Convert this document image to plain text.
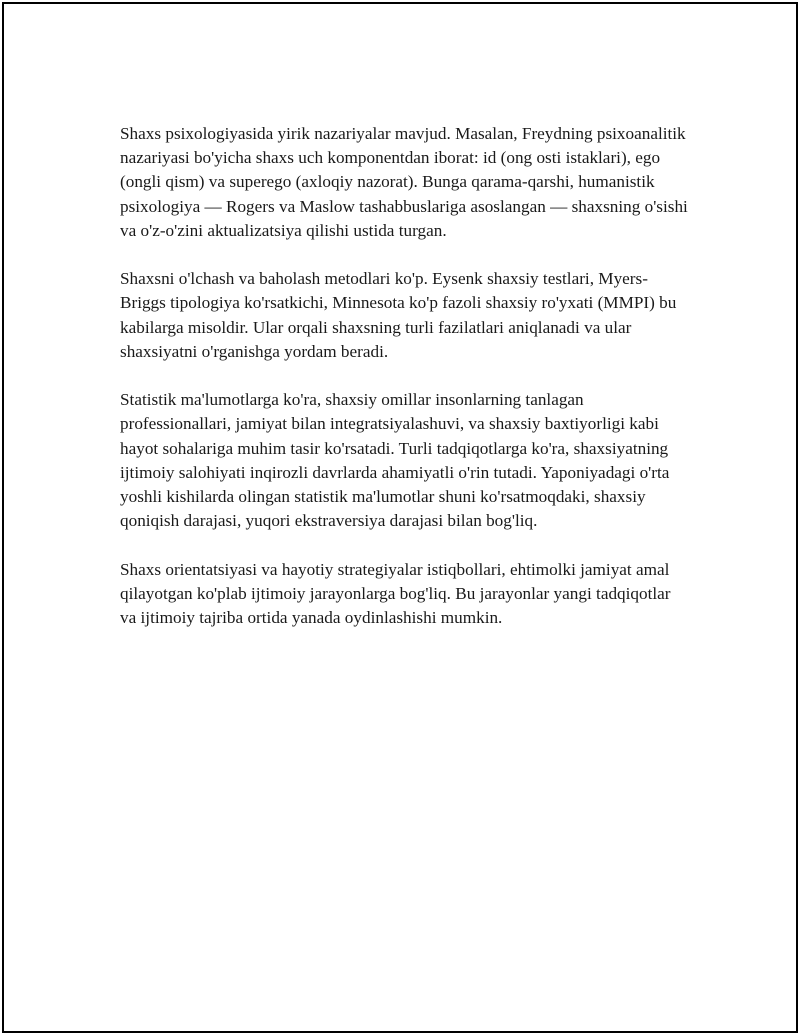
Shaxs psixologiyasida yirik nazariyalar mavjud. Masalan, Freydning psixoanalitik nazariyasi bo'yicha shaxs uch komponentdan iborat: id (ong osti istaklari), ego (ongli qism) va superego (axloqiy nazorat). Bunga qarama-qarshi, humanistik psixologiya — Rogers va Maslow tashabbuslariga asoslangan — shaxsning o'sishi va o'z-o'zini aktualizatsiya qilishi ustida turgan.

Shaxsni o'lchash va baholash metodlari ko'p. Eysenk shaxsiy testlari, Myers-Briggs tipologiya ko'rsatkichi, Minnesota ko'p fazoli shaxsiy ro'yxati (MMPI) bu kabilarga misoldir. Ular orqali shaxsning turli fazilatlari aniqlanadi va ular shaxsiyatni o'rganishga yordam beradi.

Statistik ma'lumotlarga ko'ra, shaxsiy omillar insonlarning tanlagan professionallari, jamiyat bilan integratsiyalashuvi, va shaxsiy baxtiyorligi kabi hayot sohalariga muhim tasir ko'rsatadi. Turli tadqiqotlarga ko'ra, shaxsiyatning ijtimoiy salohiyati inqirozli davrlarda ahamiyatli o'rin tutadi. Yaponiyadagi o'rta yoshli kishilarda olingan statistik ma'lumotlar shuni ko'rsatmoqdaki, shaxsiy qoniqish darajasi, yuqori ekstraversiya darajasi bilan bog'liq.

Shaxs orientatsiyasi va hayotiy strategiyalar istiqbollari, ehtimolki jamiyat amal qilayotgan ko'plab ijtimoiy jarayonlarga bog'liq. Bu jarayonlar yangi tadqiqotlar va ijtimoiy tajriba ortida yanada oydinlashishi mumkin.
